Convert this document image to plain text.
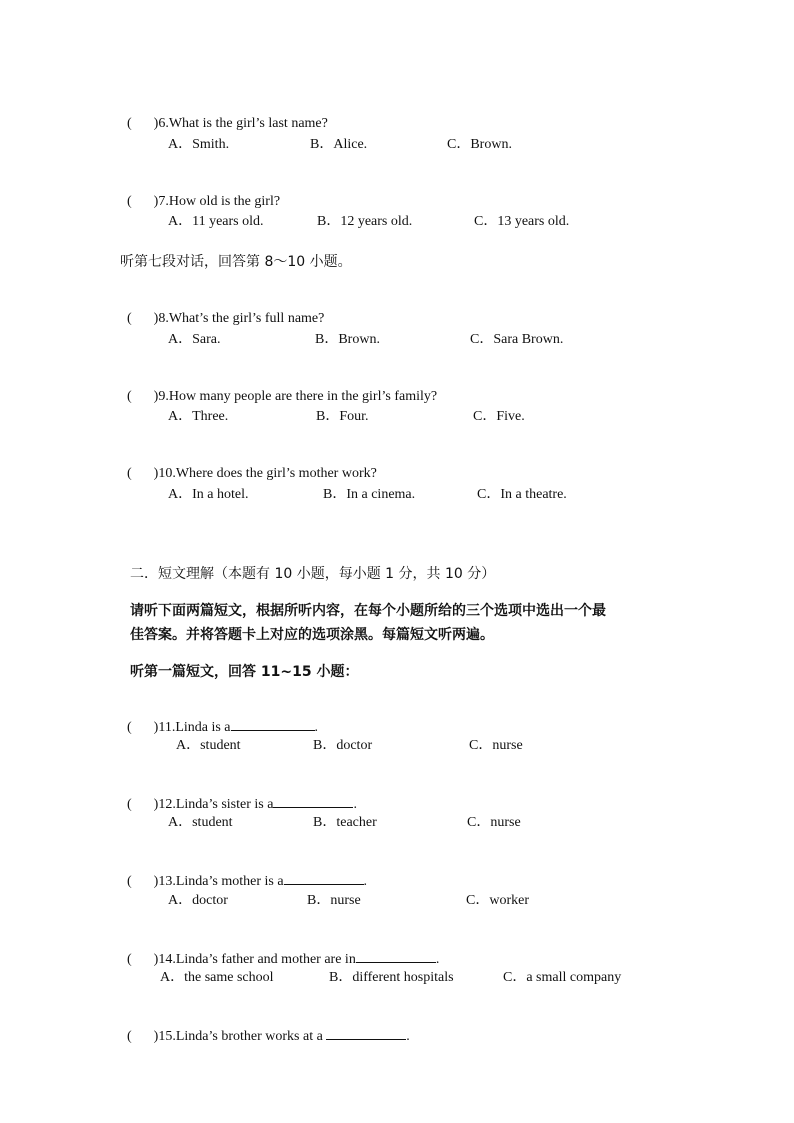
( )6.What is the girl’s last name?

A．Smith.	B．Alice.	C．Brown.

( )7.How old is the girl?

A．11 years old.	B．12 years old.	C．13 years old.
听第七段对话，回答第 8～10 小题。

( )8.What’s the girl’s full name?

A．Sara.	B．Brown.	C．Sara Brown.

( )9.How many people are there in the girl’s family?

A．Three.	B．Four.	C．Five.

( )10.Where does the girl’s mother work?

A．In a hotel.	B．In a cinema.	C．In a theatre.
二．短文理解（本题有 10 小题，每小题 1 分，共 10 分）
请听下面两篇短文，根据所听内容，在每个小题所给的三个选项中选出一个最
佳答案。并将答题卡上对应的选项涂黑。每篇短文听两遍。
听第一篇短文，回答 11~15 小题：

( )11.Linda is a	.

A．student	B．doctor	C．nurse

( )12.Linda’s sister is a	.

A．student	B．teacher	C．nurse

( )13.Linda’s mother is a	.

A．doctor	B．nurse	C．worker

( )14.Linda’s father and mother are in	.

A．the same school	B．different hospitals	C．a small company

( )15.Linda’s brother works at a	.
